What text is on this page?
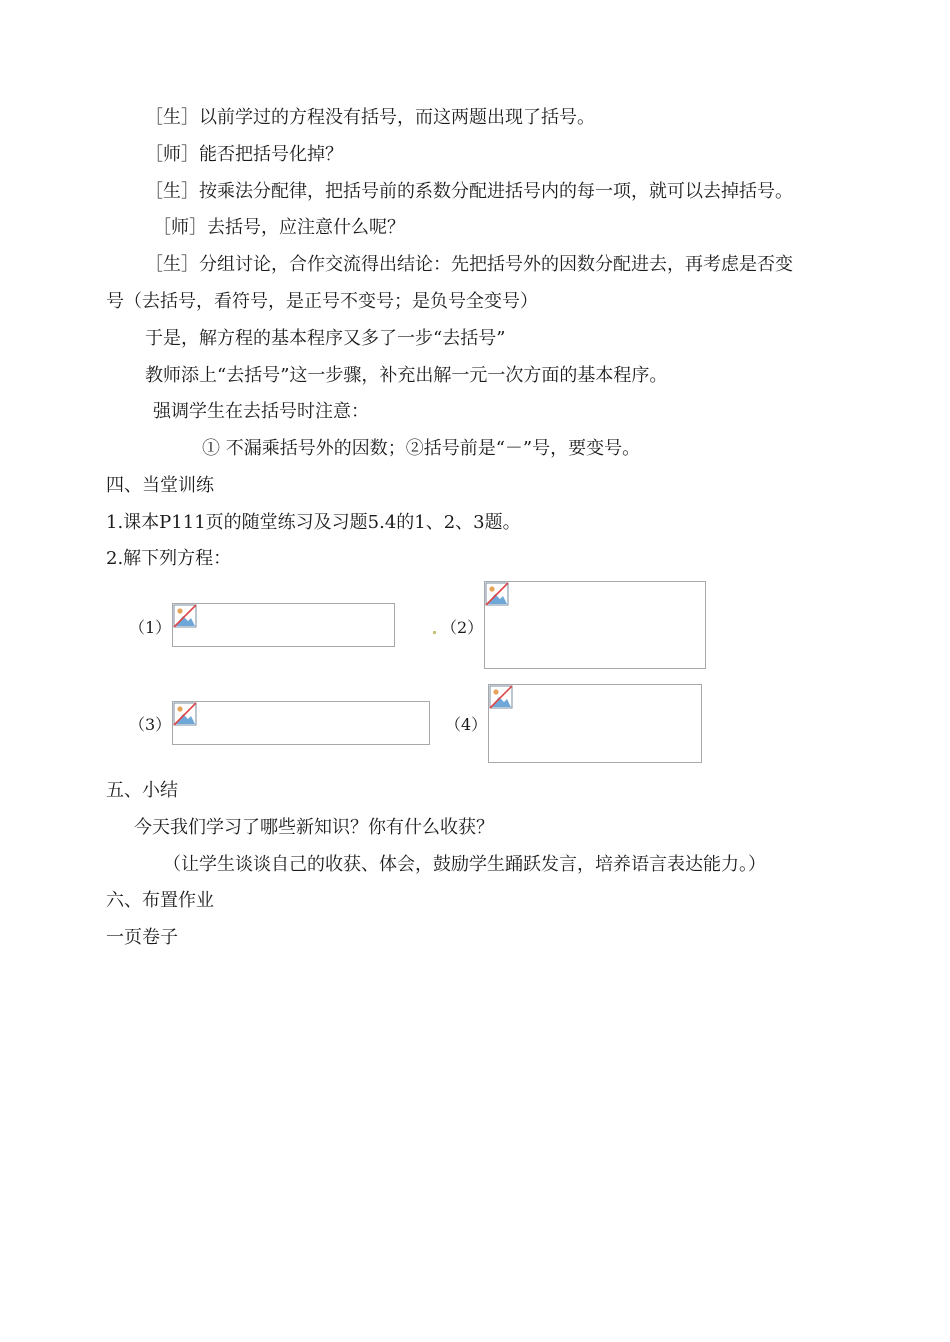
［生］以前学过的方程没有括号，而这两题出现了括号。
［师］能否把括号化掉？
［生］按乘法分配律，把括号前的系数分配进括号内的每一项，就可以去掉括号。
［师］去括号，应注意什么呢？
［生］分组讨论，合作交流得出结论：先把括号外的因数分配进去，再考虑是否变
号（去括号，看符号，是正号不变号；是负号全变号）
于是，解方程的基本程序又多了一步“去括号”
教师添上“去括号”这一步骤，补充出解一元一次方面的基本程序。
强调学生在去括号时注意：
① 不漏乘括号外的因数；②括号前是“－”号，要变号。
四、当堂训练
1.课本P111页的随堂练习及习题5.4的1、2、3题。
2.解下列方程：
（1）	（2）
（3）	（4）
五、小结
今天我们学习了哪些新知识？你有什么收获？
（让学生谈谈自己的收获、体会，鼓励学生踊跃发言，培养语言表达能力。）
六、布置作业
一页卷子
